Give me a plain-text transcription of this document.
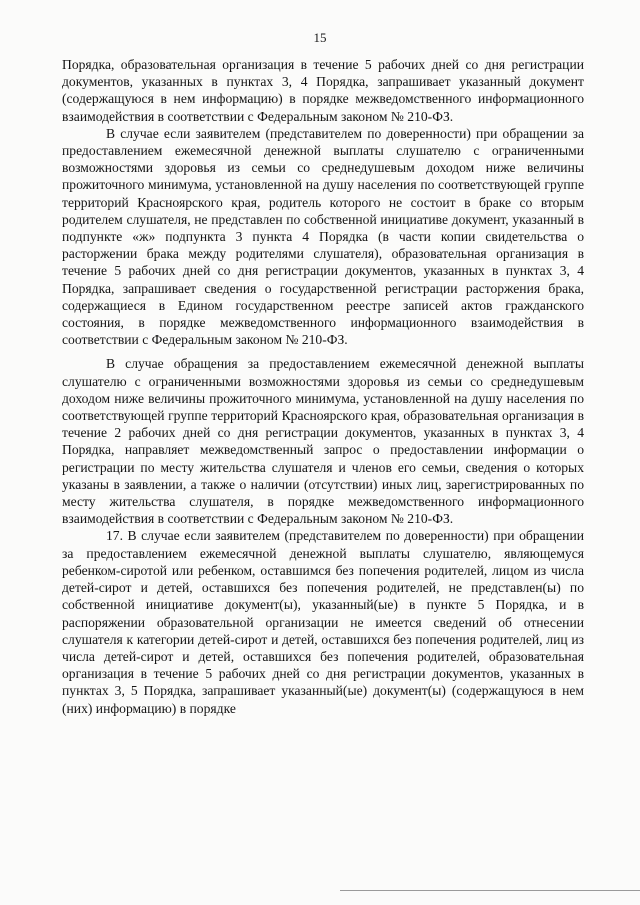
15

Порядка, образовательная организация в течение 5 рабочих дней со дня регистрации документов, указанных в пунктах 3, 4 Порядка, запрашивает указанный документ (содержащуюся в нем информацию) в порядке межведомственного информационного взаимодействия в соответствии с Федеральным законом № 210-ФЗ.

В случае если заявителем (представителем по доверенности) при обращении за предоставлением ежемесячной денежной выплаты слушателю с ограниченными возможностями здоровья из семьи со среднедушевым доходом ниже величины прожиточного минимума, установленной на душу населения по соответствующей группе территорий Красноярского края, родитель которого не состоит в браке со вторым родителем слушателя, не представлен по собственной инициативе документ, указанный в подпункте «ж» подпункта 3 пункта 4 Порядка (в части копии свидетельства о расторжении брака между родителями слушателя), образовательная организация в течение 5 рабочих дней со дня регистрации документов, указанных в пунктах 3, 4 Порядка, запрашивает сведения о государственной регистрации расторжения брака, содержащиеся в Едином государственном реестре записей актов гражданского состояния, в порядке межведомственного информационного взаимодействия в соответствии с Федеральным законом № 210-ФЗ.

В случае обращения за предоставлением ежемесячной денежной выплаты слушателю с ограниченными возможностями здоровья из семьи со среднедушевым доходом ниже величины прожиточного минимума, установленной на душу населения по соответствующей группе территорий Красноярского края, образовательная организация в течение 2 рабочих дней со дня регистрации документов, указанных в пунктах 3, 4 Порядка, направляет межведомственный запрос о предоставлении информации о регистрации по месту жительства слушателя и членов его семьи, сведения о которых указаны в заявлении, а также о наличии (отсутствии) иных лиц, зарегистрированных по месту жительства слушателя, в порядке межведомственного информационного взаимодействия в соответствии с Федеральным законом № 210-ФЗ.

17. В случае если заявителем (представителем по доверенности) при обращении за предоставлением ежемесячной денежной выплаты слушателю, являющемуся ребенком-сиротой или ребенком, оставшимся без попечения родителей, лицом из числа детей-сирот и детей, оставшихся без попечения родителей, не представлен(ы) по собственной инициативе документ(ы), указанный(ые) в пункте 5 Порядка, и в распоряжении образовательной организации не имеется сведений об отнесении слушателя к категории детей-сирот и детей, оставшихся без попечения родителей, лиц из числа детей-сирот и детей, оставшихся без попечения родителей, образовательная организация в течение 5 рабочих дней со дня регистрации документов, указанных в пунктах 3, 5 Порядка, запрашивает указанный(ые) документ(ы) (содержащуюся в нем (них) информацию) в порядке
